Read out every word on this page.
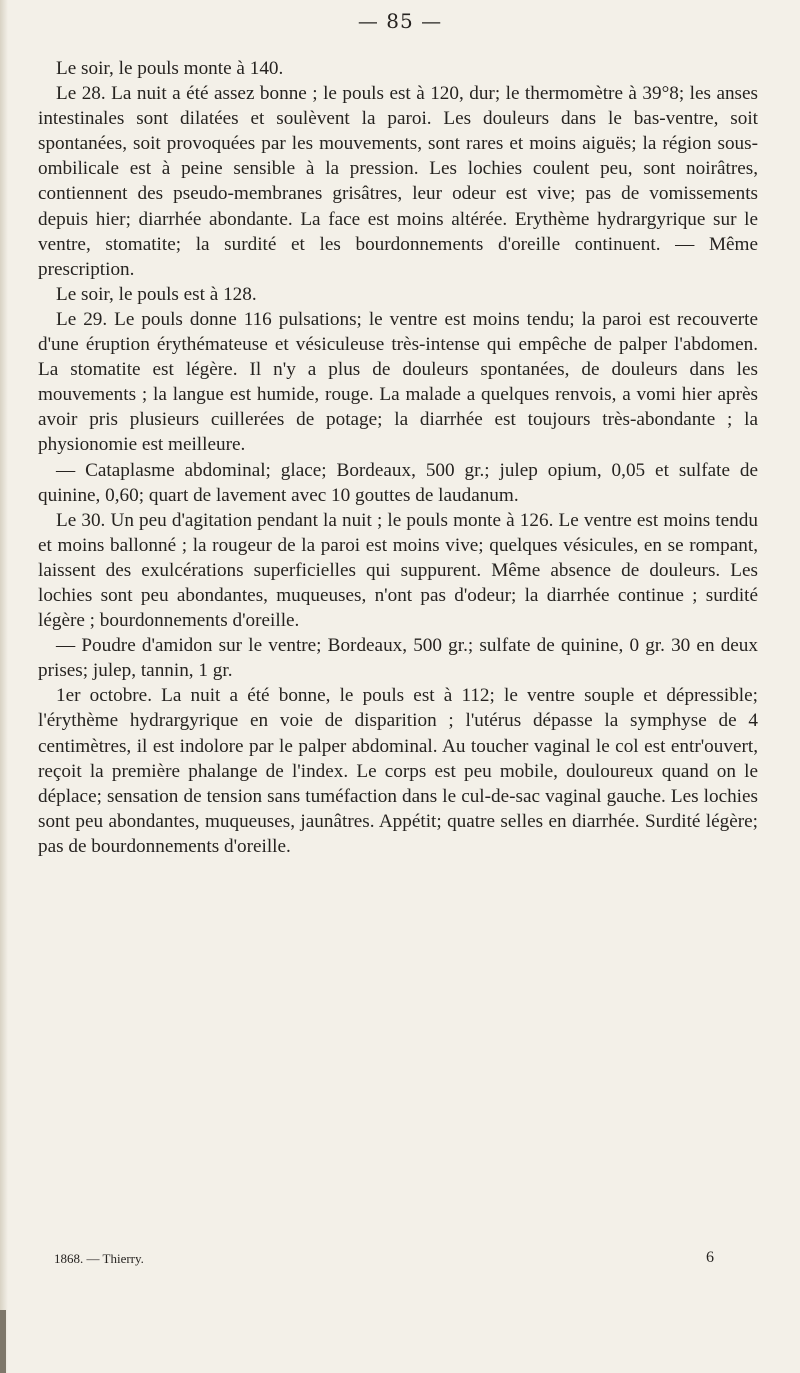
— 85 —

Le soir, le pouls monte à 140.

Le 28. La nuit a été assez bonne ; le pouls est à 120, dur; le thermomètre à 39°8; les anses intestinales sont dilatées et soulèvent la paroi. Les douleurs dans le bas-ventre, soit spontanées, soit provoquées par les mouvements, sont rares et moins aiguës; la région sous-ombilicale est à peine sensible à la pression. Les lochies coulent peu, sont noirâtres, contiennent des pseudo-membranes grisâtres, leur odeur est vive; pas de vomissements depuis hier; diarrhée abondante. La face est moins altérée. Erythème hydrargyrique sur le ventre, stomatite; la surdité et les bourdonnements d'oreille continuent. — Même prescription.

Le soir, le pouls est à 128.

Le 29. Le pouls donne 116 pulsations; le ventre est moins tendu; la paroi est recouverte d'une éruption érythémateuse et vésiculeuse très-intense qui empêche de palper l'abdomen. La stomatite est légère. Il n'y a plus de douleurs spontanées, de douleurs dans les mouvements ; la langue est humide, rouge. La malade a quelques renvois, a vomi hier après avoir pris plusieurs cuillerées de potage; la diarrhée est toujours très-abondante ; la physionomie est meilleure.

— Cataplasme abdominal; glace; Bordeaux, 500 gr.; julep opium, 0,05 et sulfate de quinine, 0,60; quart de lavement avec 10 gouttes de laudanum.

Le 30. Un peu d'agitation pendant la nuit ; le pouls monte à 126. Le ventre est moins tendu et moins ballonné ; la rougeur de la paroi est moins vive; quelques vésicules, en se rompant, laissent des exulcérations superficielles qui suppurent. Même absence de douleurs. Les lochies sont peu abondantes, muqueuses, n'ont pas d'odeur; la diarrhée continue ; surdité légère ; bourdonnements d'oreille.

— Poudre d'amidon sur le ventre; Bordeaux, 500 gr.; sulfate de quinine, 0 gr. 30 en deux prises; julep, tannin, 1 gr.

1er octobre. La nuit a été bonne, le pouls est à 112; le ventre souple et dépressible; l'érythème hydrargyrique en voie de disparition ; l'utérus dépasse la symphyse de 4 centimètres, il est indolore par le palper abdominal. Au toucher vaginal le col est entr'ouvert, reçoit la première phalange de l'index. Le corps est peu mobile, douloureux quand on le déplace; sensation de tension sans tuméfaction dans le cul-de-sac vaginal gauche. Les lochies sont peu abondantes, muqueuses, jaunâtres. Appétit; quatre selles en diarrhée. Surdité légère; pas de bourdonnements d'oreille.

1868. — Thierry.	6
